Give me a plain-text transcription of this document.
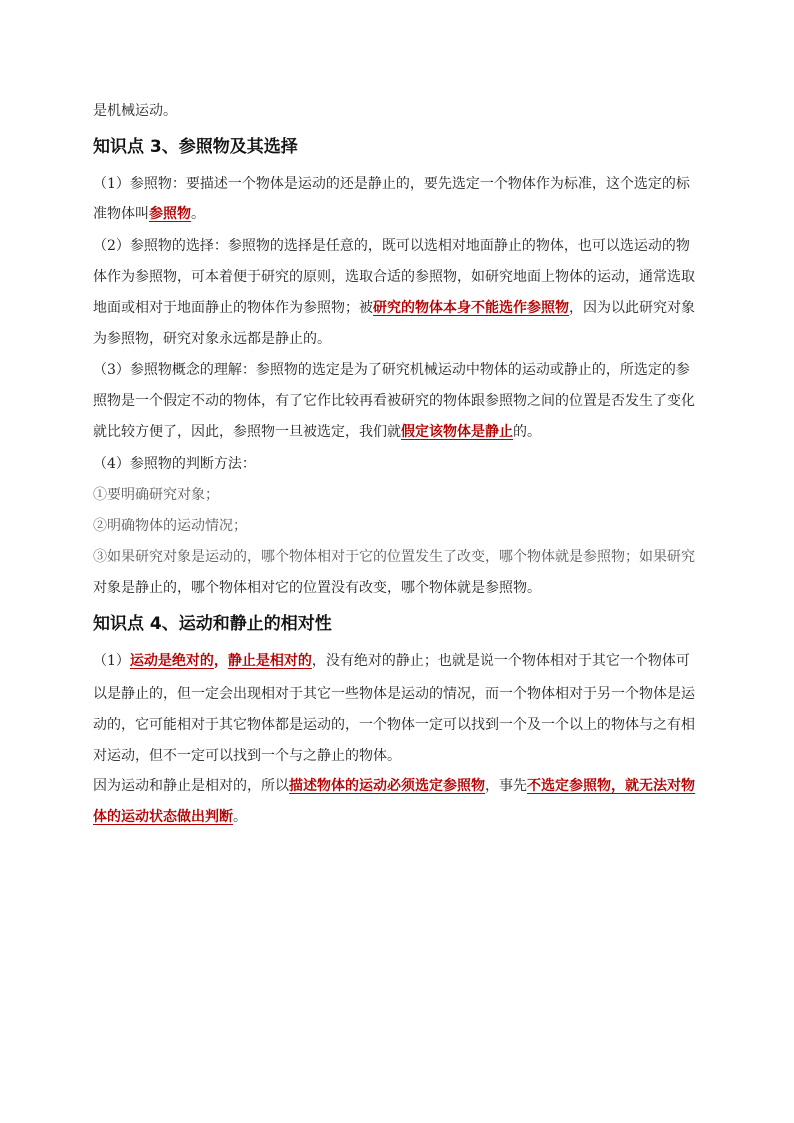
是机械运动。
知识点 3、参照物及其选择
（1）参照物：要描述一个物体是运动的还是静止的，要先选定一个物体作为标准，这个选定的标
准物体叫参照物。
（2）参照物的选择：参照物的选择是任意的，既可以选相对地面静止的物体，也可以选运动的物
体作为参照物，可本着便于研究的原则，选取合适的参照物，如研究地面上物体的运动，通常选取
地面或相对于地面静止的物体作为参照物；被研究的物体本身不能选作参照物，因为以此研究对象
为参照物，研究对象永远都是静止的。
（3）参照物概念的理解：参照物的选定是为了研究机械运动中物体的运动或静止的，所选定的参
照物是一个假定不动的物体，有了它作比较再看被研究的物体跟参照物之间的位置是否发生了变化
就比较方便了，因此，参照物一旦被选定，我们就假定该物体是静止的。
（4）参照物的判断方法：
①要明确研究对象；
②明确物体的运动情况；
③如果研究对象是运动的，哪个物体相对于它的位置发生了改变，哪个物体就是参照物；如果研究
对象是静止的，哪个物体相对它的位置没有改变，哪个物体就是参照物。
知识点 4、运动和静止的相对性
（1）运动是绝对的，静止是相对的，没有绝对的静止；也就是说一个物体相对于其它一个物体可
以是静止的，但一定会出现相对于其它一些物体是运动的情况，而一个物体相对于另一个物体是运
动的，它可能相对于其它物体都是运动的，一个物体一定可以找到一个及一个以上的物体与之有相
对运动，但不一定可以找到一个与之静止的物体。
因为运动和静止是相对的，所以描述物体的运动必须选定参照物，事先不选定参照物，就无法对物
体的运动状态做出判断。
